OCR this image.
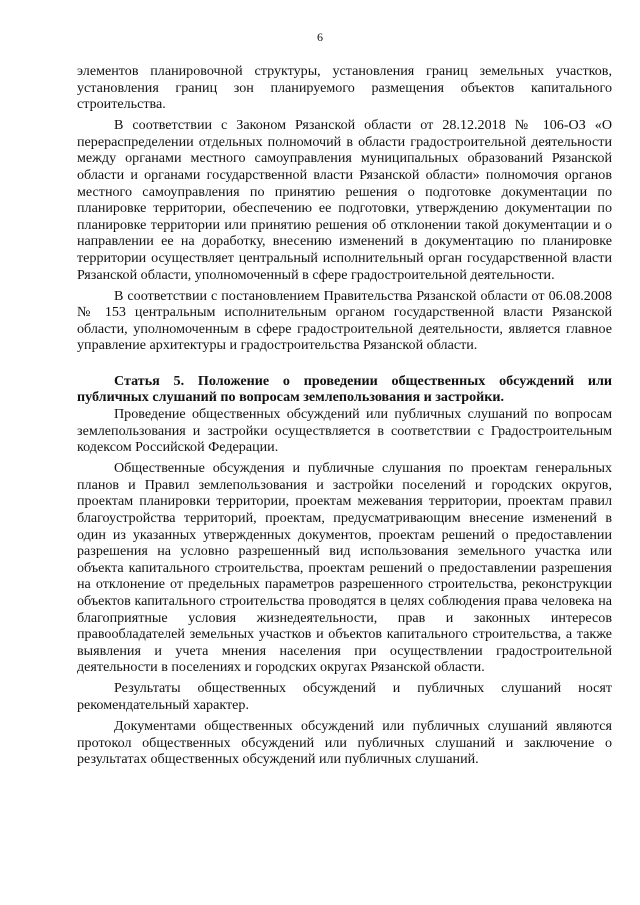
6

элементов планировочной структуры, установления границ земельных участков, установления границ зон планируемого размещения объектов капитального строительства.

В соответствии с Законом Рязанской области от 28.12.2018 № 106-ОЗ «О перераспределении отдельных полномочий в области градостроительной деятельности между органами местного самоуправления муниципальных образований Рязанской области и органами государственной власти Рязанской области» полномочия органов местного самоуправления по принятию решения о подготовке документации по планировке территории, обеспечению ее подготовки, утверждению документации по планировке территории или принятию решения об отклонении такой документации и о направлении ее на доработку, внесению изменений в документацию по планировке территории осуществляет центральный исполнительный орган государственной власти Рязанской области, уполномоченный в сфере градостроительной деятельности.

В соответствии с постановлением Правительства Рязанской области от 06.08.2008 № 153 центральным исполнительным органом государственной власти Рязанской области, уполномоченным в сфере градостроительной деятельности, является главное управление архитектуры и градостроительства Рязанской области.

Статья 5. Положение о проведении общественных обсуждений или публичных слушаний по вопросам землепользования и застройки.

Проведение общественных обсуждений или публичных слушаний по вопросам землепользования и застройки осуществляется в соответствии с Градостроительным кодексом Российской Федерации.

Общественные обсуждения и публичные слушания по проектам генеральных планов и Правил землепользования и застройки поселений и городских округов, проектам планировки территории, проектам межевания территории, проектам правил благоустройства территорий, проектам, предусматривающим внесение изменений в один из указанных утвержденных документов, проектам решений о предоставлении разрешения на условно разрешенный вид использования земельного участка или объекта капитального строительства, проектам решений о предоставлении разрешения на отклонение от предельных параметров разрешенного строительства, реконструкции объектов капитального строительства проводятся в целях соблюдения права человека на благоприятные условия жизнедеятельности, прав и законных интересов правообладателей земельных участков и объектов капитального строительства, а также выявления и учета мнения населения при осуществлении градостроительной деятельности в поселениях и городских округах Рязанской области.

Результаты общественных обсуждений и публичных слушаний носят рекомендательный характер.

Документами общественных обсуждений или публичных слушаний являются протокол общественных обсуждений или публичных слушаний и заключение о результатах общественных обсуждений или публичных слушаний.
